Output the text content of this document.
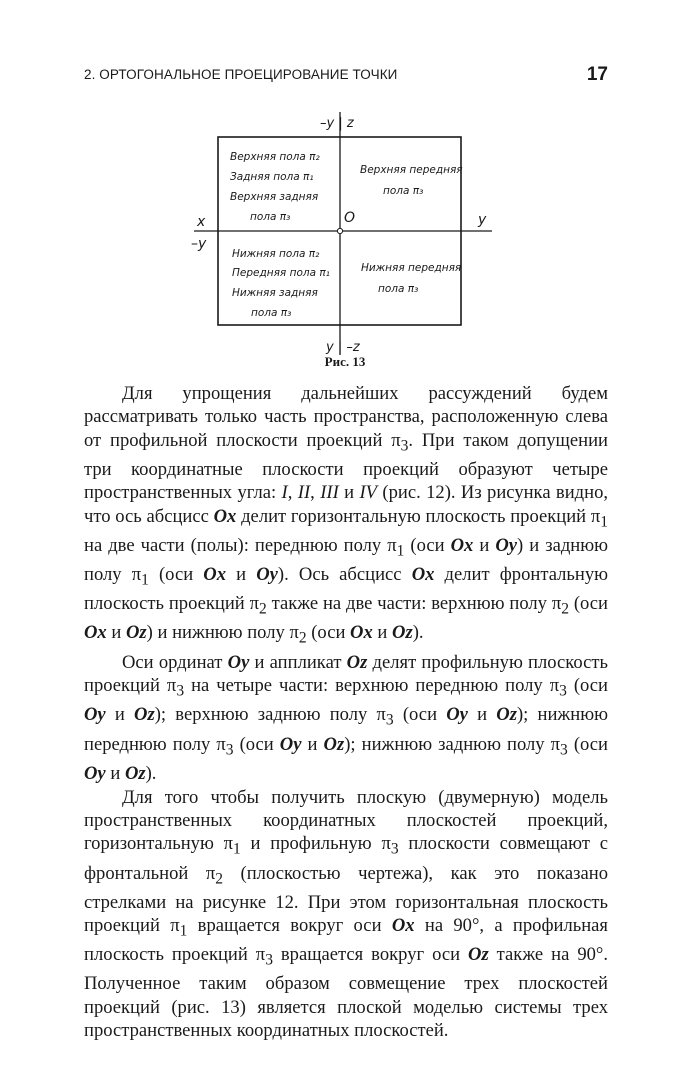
2. ОРТОГОНАЛЬНОЕ ПРОЕЦИРОВАНИЕ ТОЧКИ	17
–y | z
x
–y
O	y
y | –z
Верхняя пола π₂
Задняя пола π₁
Верхняя задняя
пола π₃
Верхняя передняя
пола π₃
Нижняя пола π₂
Передняя пола π₁
Нижняя задняя
пола π₃
Нижняя передняя
пола π₃
Рис. 13

Для упрощения дальнейших рассуждений будем рассматривать только часть пространства, расположенную слева от профильной плоскости проекций $\pi_3$. При таком допущении три координатные плоскости проекций образуют четыре пространственных угла: I, II, III и IV (рис. 12). Из рисунка видно, что ось абсцисс Ox делит горизонтальную плоскость проекций $\pi_1$ на две части (полы): переднюю полу $\pi_1$ (оси Ox и Oy) и заднюю полу $\pi_1$ (оси Ox и Oy). Ось абсцисс Ox делит фронтальную плоскость проекций $\pi_2$ также на две части: верхнюю полу $\pi_2$ (оси Ox и Oz) и нижнюю полу $\pi_2$ (оси Ox и Oz).

Оси ординат Oy и аппликат Oz делят профильную плоскость проекций $\pi_3$ на четыре части: верхнюю переднюю полу $\pi_3$ (оси Oy и Oz); верхнюю заднюю полу $\pi_3$ (оси Oy и Oz); нижнюю переднюю полу $\pi_3$ (оси Oy и Oz); нижнюю заднюю полу $\pi_3$ (оси Oy и Oz).

Для того чтобы получить плоскую (двумерную) модель пространственных координатных плоскостей проекций, горизонтальную $\pi_1$ и профильную $\pi_3$ плоскости совмещают с фронтальной $\pi_2$ (плоскостью чертежа), как это показано стрелками на рисунке 12. При этом горизонтальная плоскость проекций $\pi_1$ вращается вокруг оси Ox на 90°, а профильная плоскость проекций $\pi_3$ вращается вокруг оси Oz также на 90°. Полученное таким образом совмещение трех плоскостей проекций (рис. 13) является плоской моделью системы трех пространственных координатных плоскостей.
